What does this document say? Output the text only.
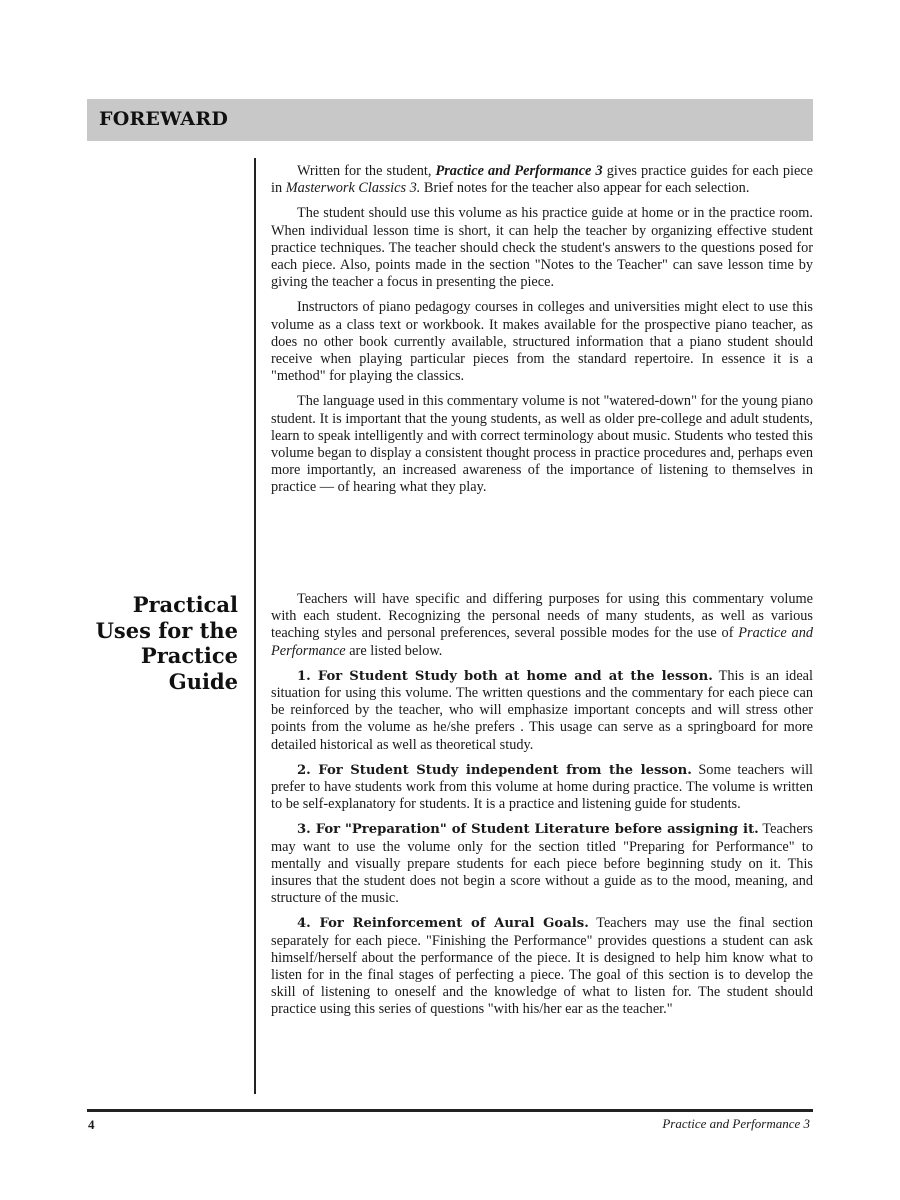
FOREWARD
Practical
Uses for the
Practice
Guide

Written for the student, Practice and Performance 3 gives practice guides for each piece in Masterwork Classics 3. Brief notes for the teacher also appear for each selection.

The student should use this volume as his practice guide at home or in the practice room. When individual lesson time is short, it can help the teacher by organizing effective student practice techniques. The teacher should check the student's answers to the questions posed for each piece. Also, points made in the section "Notes to the Teacher" can save lesson time by giving the teacher a focus in presenting the piece.

Instructors of piano pedagogy courses in colleges and universities might elect to use this volume as a class text or workbook. It makes available for the prospective piano teacher, as does no other book currently available, structured information that a piano student should receive when playing particular pieces from the standard repertoire. In essence it is a "method" for playing the classics.

The language used in this commentary volume is not "watered-down" for the young piano student. It is important that the young students, as well as older pre-college and adult students, learn to speak intelligently and with correct terminology about music. Students who tested this volume began to display a consistent thought process in practice procedures and, perhaps even more importantly, an increased awareness of the importance of listening to themselves in practice — of hearing what they play.

Teachers will have specific and differing purposes for using this commentary volume with each student. Recognizing the personal needs of many students, as well as various teaching styles and personal preferences, several possible modes for the use of Practice and Performance are listed below.

1. For Student Study both at home and at the lesson. This is an ideal situation for using this volume. The written questions and the commentary for each piece can be reinforced by the teacher, who will emphasize important concepts and will stress other points from the volume as he/she prefers . This usage can serve as a springboard for more detailed historical as well as theoretical study.

2. For Student Study independent from the lesson. Some teachers will prefer to have students work from this volume at home during practice. The volume is written to be self-explanatory for students. It is a practice and listening guide for students.

3. For "Preparation" of Student Literature before assigning it. Teachers may want to use the volume only for the section titled "Preparing for Performance" to mentally and visually prepare students for each piece before beginning study on it. This insures that the student does not begin a score without a guide as to the mood, meaning, and structure of the music.

4. For Reinforcement of Aural Goals. Teachers may use the final section separately for each piece. "Finishing the Performance" provides questions a student can ask himself/herself about the performance of the piece. It is designed to help him know what to listen for in the final stages of perfecting a piece. The goal of this section is to develop the skill of listening to oneself and the knowledge of what to listen for. The student should practice using this series of questions "with his/her ear as the teacher."

4	Practice and Performance 3
